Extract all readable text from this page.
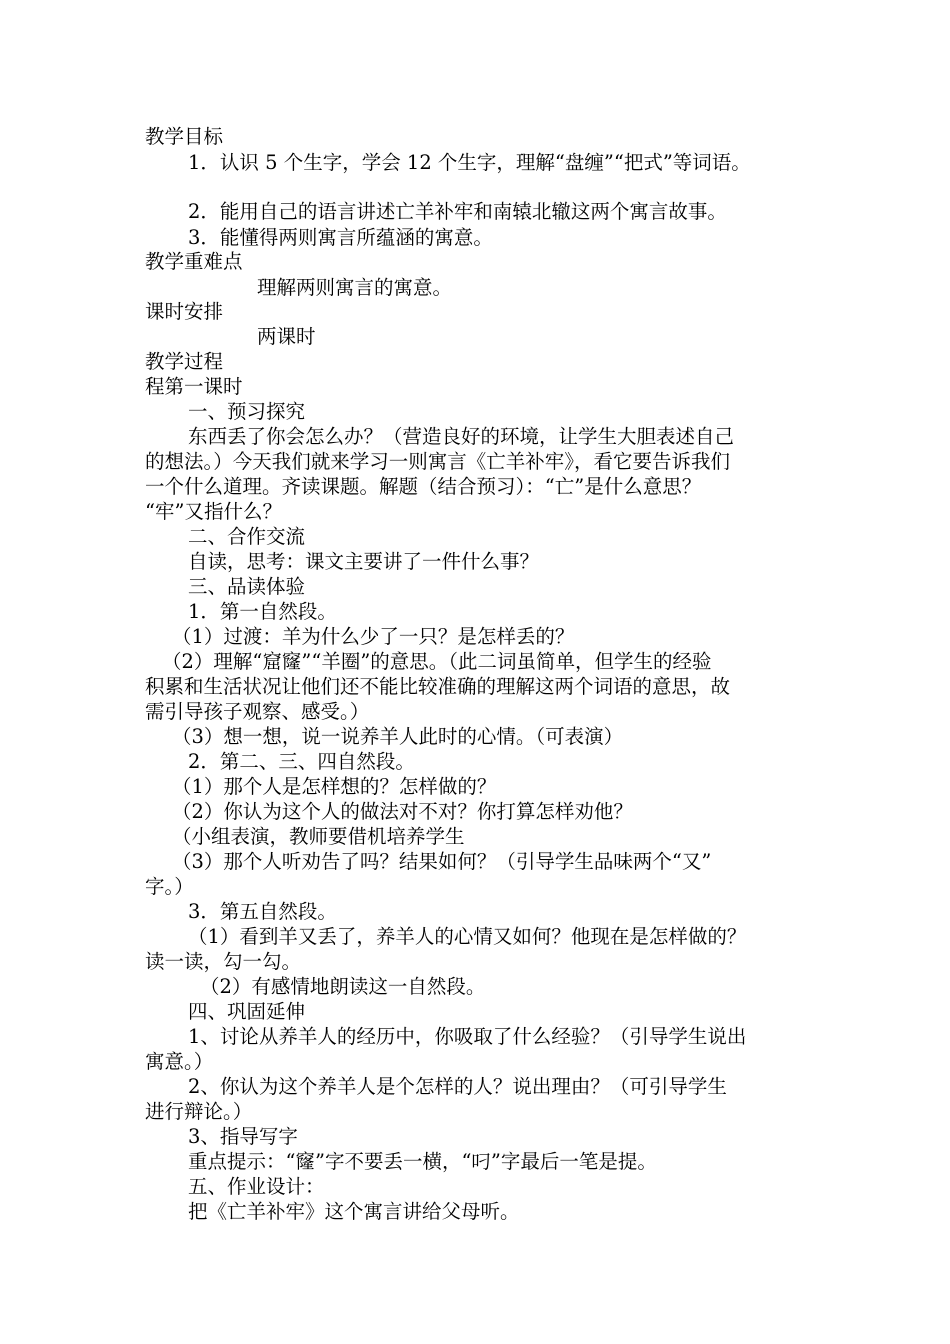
教学目标
1．认识 5 个生字，学会 12 个生字，理解“盘缠”“把式”等词语。
2．能用自己的语言讲述亡羊补牢和南辕北辙这两个寓言故事。
3．能懂得两则寓言所蕴涵的寓意。
教学重难点
理解两则寓言的寓意。
课时安排
两课时
教学过程
程第一课时
一、预习探究
东西丢了你会怎么办？（营造良好的环境，让学生大胆表述自己
的想法。）今天我们就来学习一则寓言《亡羊补牢》，看它要告诉我们
一个什么道理。齐读课题。解题（结合预习）：“亡”是什么意思？
“牢”又指什么？
二、合作交流
自读，思考：课文主要讲了一件什么事？
三、品读体验
1．第一自然段。
（1）过渡：羊为什么少了一只？是怎样丢的？
（2）理解“窟窿”“羊圈”的意思。（此二词虽简单，但学生的经验
积累和生活状况让他们还不能比较准确的理解这两个词语的意思，故
需引导孩子观察、感受。）
（3）想一想，说一说养羊人此时的心情。（可表演）
2．第二、三、四自然段。
（1）那个人是怎样想的？怎样做的？
（2）你认为这个人的做法对不对？你打算怎样劝他？
（小组表演，教师要借机培养学生
（3）那个人听劝告了吗？结果如何？（引导学生品味两个“又”
字。）
3．第五自然段。
（1）看到羊又丢了，养羊人的心情又如何？他现在是怎样做的？
读一读，勾一勾。
（2）有感情地朗读这一自然段。
四、巩固延伸
1、讨论从养羊人的经历中，你吸取了什么经验？（引导学生说出
寓意。）
2、你认为这个养羊人是个怎样的人？说出理由？（可引导学生
进行辩论。）
3、指导写字
重点提示：“窿”字不要丢一横，“叼”字最后一笔是提。
五、作业设计：
把《亡羊补牢》这个寓言讲给父母听。
